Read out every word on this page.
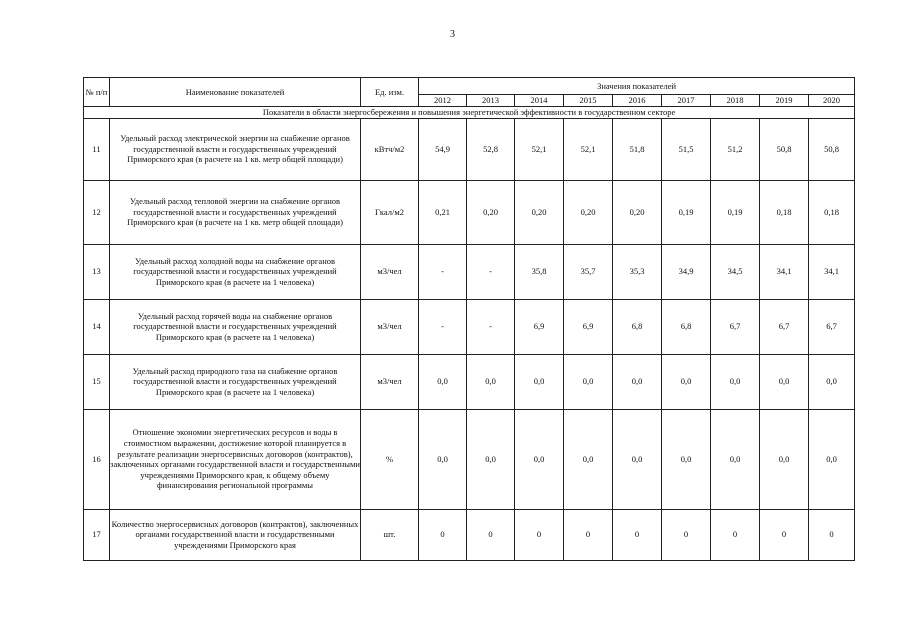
3
№ п/п	Наименование показателей	Ед. изм.	Значения показателей								
			2012	2013	2014	2015	2016	2017	2018	2019	2020
Показатели в области энергосбережения и повышения энергетической эффективности в государственном секторе											
11	Удельный расход электрической энергии на снабжение органов государственной власти и государственных учреждений Приморского края (в расчете на 1 кв. метр общей площади)	кВтч/м2	54,9	52,8	52,1	52,1	51,8	51,5	51,2	50,8	50,8
12	Удельный расход тепловой энергии на снабжение органов государственной власти и государственных учреждений Приморского края (в расчете на 1 кв. метр общей площади)	Гкал/м2	0,21	0,20	0,20	0,20	0,20	0,19	0,19	0,18	0,18
13	Удельный расход холодной воды на снабжение органов государственной власти и государственных учреждений Приморского края (в расчете на 1 человека)	м3/чел	-	-	35,8	35,7	35,3	34,9	34,5	34,1	34,1
14	Удельный расход горячей воды на снабжение органов государственной власти и государственных учреждений Приморского края (в расчете на 1 человека)	м3/чел	-	-	6,9	6,9	6,8	6,8	6,7	6,7	6,7
15	Удельный расход природного газа на снабжение органов государственной власти и государственных учреждений Приморского края (в расчете на 1 человека)	м3/чел	0,0	0,0	0,0	0,0	0,0	0,0	0,0	0,0	0,0
16	Отношение экономии энергетических ресурсов и воды в стоимостном выражении, достижение которой планируется в результате реализации энергосервисных договоров (контрактов), заключенных органами государственной власти и государственными учреждениями Приморского края, к общему объему финансирования региональной программы	%	0,0	0,0	0,0	0,0	0,0	0,0	0,0	0,0	0,0
17	Количество энергосервисных договоров (контрактов), заключенных органами государственной власти и государственными учреждениями Приморского края	шт.	0	0	0	0	0	0	0	0	0
